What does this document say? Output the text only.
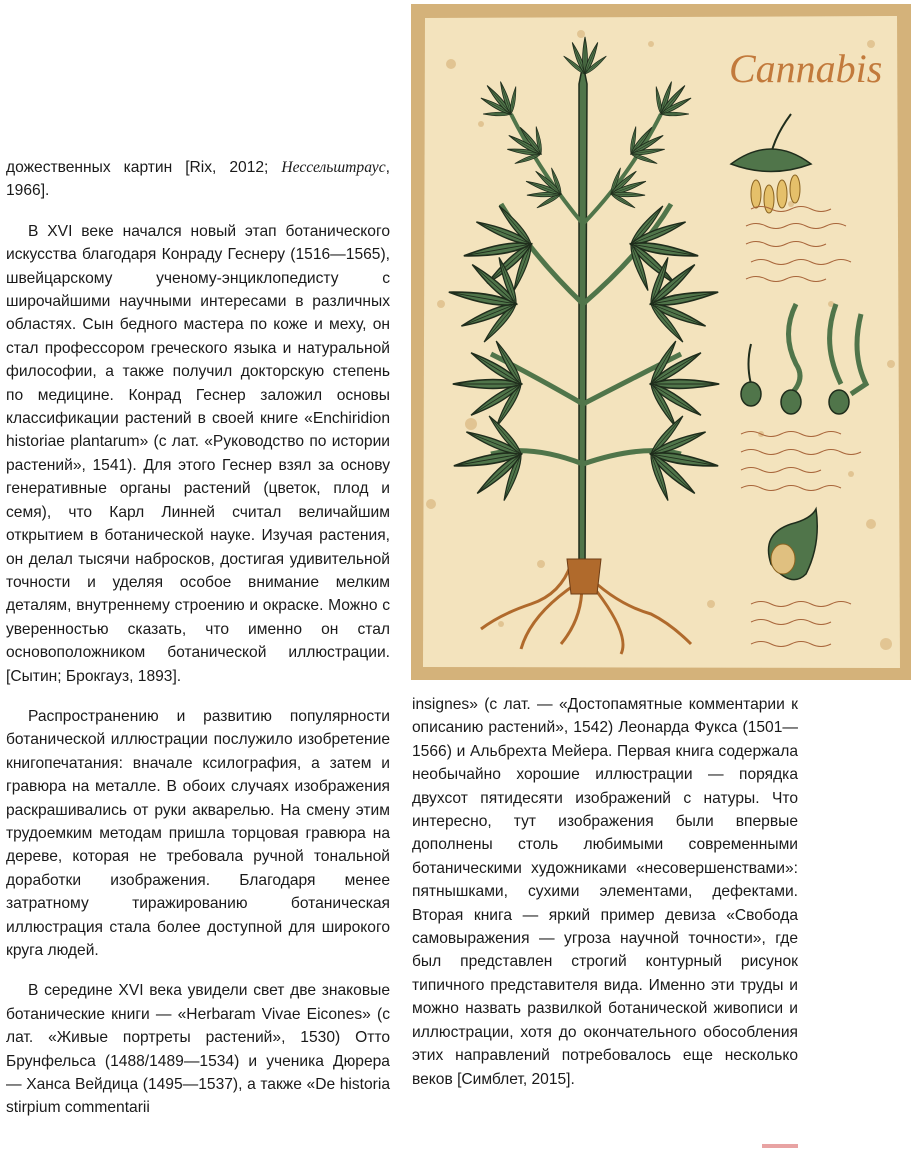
дожественных картин [Rix, 2012; Нессельштраус, 1966].

В XVI веке начался новый этап ботанического искусства благодаря Конраду Геснеру (1516—1565), швейцарскому ученому-энциклопедисту с широчайшими научными интересами в различных областях. Сын бедного мастера по коже и меху, он стал профессором греческого языка и натуральной философии, а также получил докторскую степень по медицине. Конрад Геснер заложил основы классификации растений в своей книге «Enchiridion historiae plantarum» (с лат. «Руководство по истории растений», 1541). Для этого Геснер взял за основу генеративные органы растений (цветок, плод и семя), что Карл Линней считал величайшим открытием в ботанической науке. Изучая растения, он делал тысячи набросков, достигая удивительной точности и уделяя особое внимание мелким деталям, внутреннему строению и окраске. Можно с уверенностью сказать, что именно он стал основоположником ботанической иллюстрации. [Сытин; Брокгауз, 1893].

Распространению и развитию популярности ботанической иллюстрации послужило изобретение книгопечатания: вначале ксилография, а затем и гравюра на металле. В обоих случаях изображения раскрашивались от руки акварелью. На смену этим трудоемким методам пришла торцовая гравюра на дереве, которая не требовала ручной тональной доработки изображения. Благодаря менее затратному тиражированию ботаническая иллюстрация стала более доступной для широкого круга людей.

В середине XVI века увидели свет две знаковые ботанические книги — «Herbaram Vivae Eicones» (с лат. «Живые портреты растений», 1530) Отто Брунфельса (1488/1489—1534) и ученика Дюрера — Ханса Вейдица (1495—1537), а также «De historia stirpium commentarii

Cannabis

insignes» (с лат. — «Достопамятные комментарии к описанию растений», 1542) Леонарда Фукса (1501—1566) и Альбрехта Мейера. Первая книга содержала необычайно хорошие иллюстрации — порядка двухсот пятидесяти изображений с натуры. Что интересно, тут изображения были впервые дополнены столь любимыми современными ботаническими художниками «несовершенствами»: пятнышками, сухими элементами, дефектами. Вторая книга — яркий пример девиза «Свобода самовыражения — угроза научной точности», где был представлен строгий контурный рисунок типичного представителя вида. Именно эти труды и можно назвать развилкой ботанической живописи и иллюстрации, хотя до окончательного обособления этих направлений потребовалось еще несколько веков [Симблет, 2015].
